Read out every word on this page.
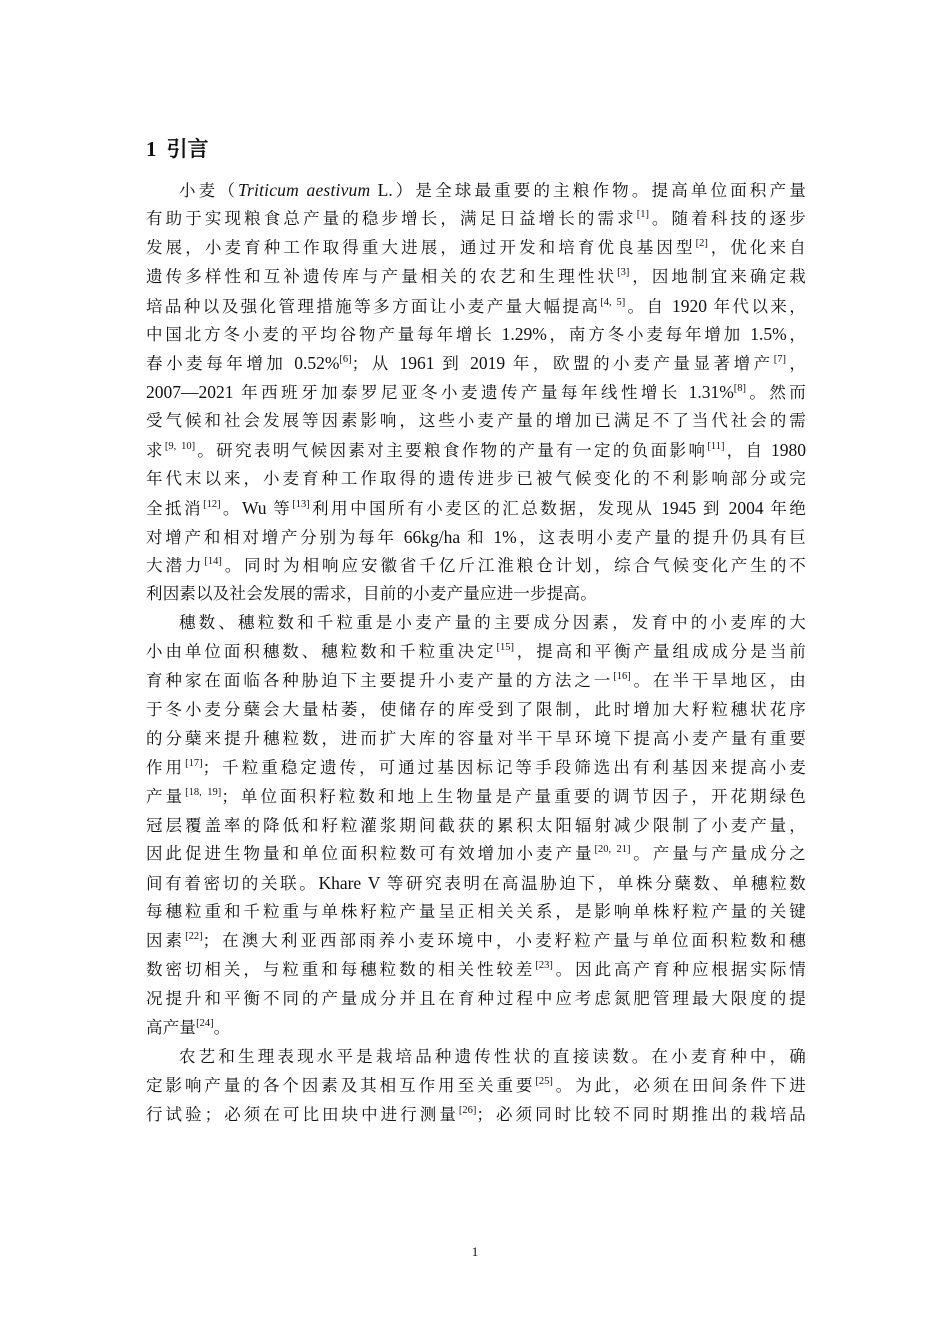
1 引言
小麦（Triticum aestivum L.）是全球最重要的主粮作物。提高单位面积产量
有助于实现粮食总产量的稳步增长，满足日益增长的需求[1]。随着科技的逐步
发展，小麦育种工作取得重大进展，通过开发和培育优良基因型[2]，优化来自
遗传多样性和互补遗传库与产量相关的农艺和生理性状[3]，因地制宜来确定栽
培品种以及强化管理措施等多方面让小麦产量大幅提高[4, 5]。自 1920 年代以来，
中国北方冬小麦的平均谷物产量每年增长 1.29%，南方冬小麦每年增加 1.5%，
春小麦每年增加 0.52%[6]；从 1961 到 2019 年，欧盟的小麦产量显著增产[7]，
2007—2021 年西班牙加泰罗尼亚冬小麦遗传产量每年线性增长 1.31%[8]。然而
受气候和社会发展等因素影响，这些小麦产量的增加已满足不了当代社会的需
求[9, 10]。研究表明气候因素对主要粮食作物的产量有一定的负面影响[11]，自 1980
年代末以来，小麦育种工作取得的遗传进步已被气候变化的不利影响部分或完
全抵消[12]。Wu 等[13]利用中国所有小麦区的汇总数据，发现从 1945 到 2004 年绝
对增产和相对增产分别为每年 66kg/ha 和 1%，这表明小麦产量的提升仍具有巨
大潜力[14]。同时为相响应安徽省千亿斤江淮粮仓计划，综合气候变化产生的不
利因素以及社会发展的需求，目前的小麦产量应进一步提高。
穗数、穗粒数和千粒重是小麦产量的主要成分因素，发育中的小麦库的大
小由单位面积穗数、穗粒数和千粒重决定[15]，提高和平衡产量组成成分是当前
育种家在面临各种胁迫下主要提升小麦产量的方法之一[16]。在半干旱地区，由
于冬小麦分蘖会大量枯萎，使储存的库受到了限制，此时增加大籽粒穗状花序
的分蘖来提升穗粒数，进而扩大库的容量对半干旱环境下提高小麦产量有重要
作用[17]；千粒重稳定遗传，可通过基因标记等手段筛选出有利基因来提高小麦
产量[18, 19]；单位面积籽粒数和地上生物量是产量重要的调节因子，开花期绿色
冠层覆盖率的降低和籽粒灌浆期间截获的累积太阳辐射减少限制了小麦产量，
因此促进生物量和单位面积粒数可有效增加小麦产量[20, 21]。产量与产量成分之
间有着密切的关联。Khare V 等研究表明在高温胁迫下，单株分蘖数、单穗粒数
每穗粒重和千粒重与单株籽粒产量呈正相关关系，是影响单株籽粒产量的关键
因素[22]；在澳大利亚西部雨养小麦环境中，小麦籽粒产量与单位面积粒数和穗
数密切相关，与粒重和每穗粒数的相关性较差[23]。因此高产育种应根据实际情
况提升和平衡不同的产量成分并且在育种过程中应考虑氮肥管理最大限度的提
高产量[24]。
农艺和生理表现水平是栽培品种遗传性状的直接读数。在小麦育种中，确
定影响产量的各个因素及其相互作用至关重要[25]。为此，必须在田间条件下进
行试验；必须在可比田块中进行测量[26]；必须同时比较不同时期推出的栽培品
1
